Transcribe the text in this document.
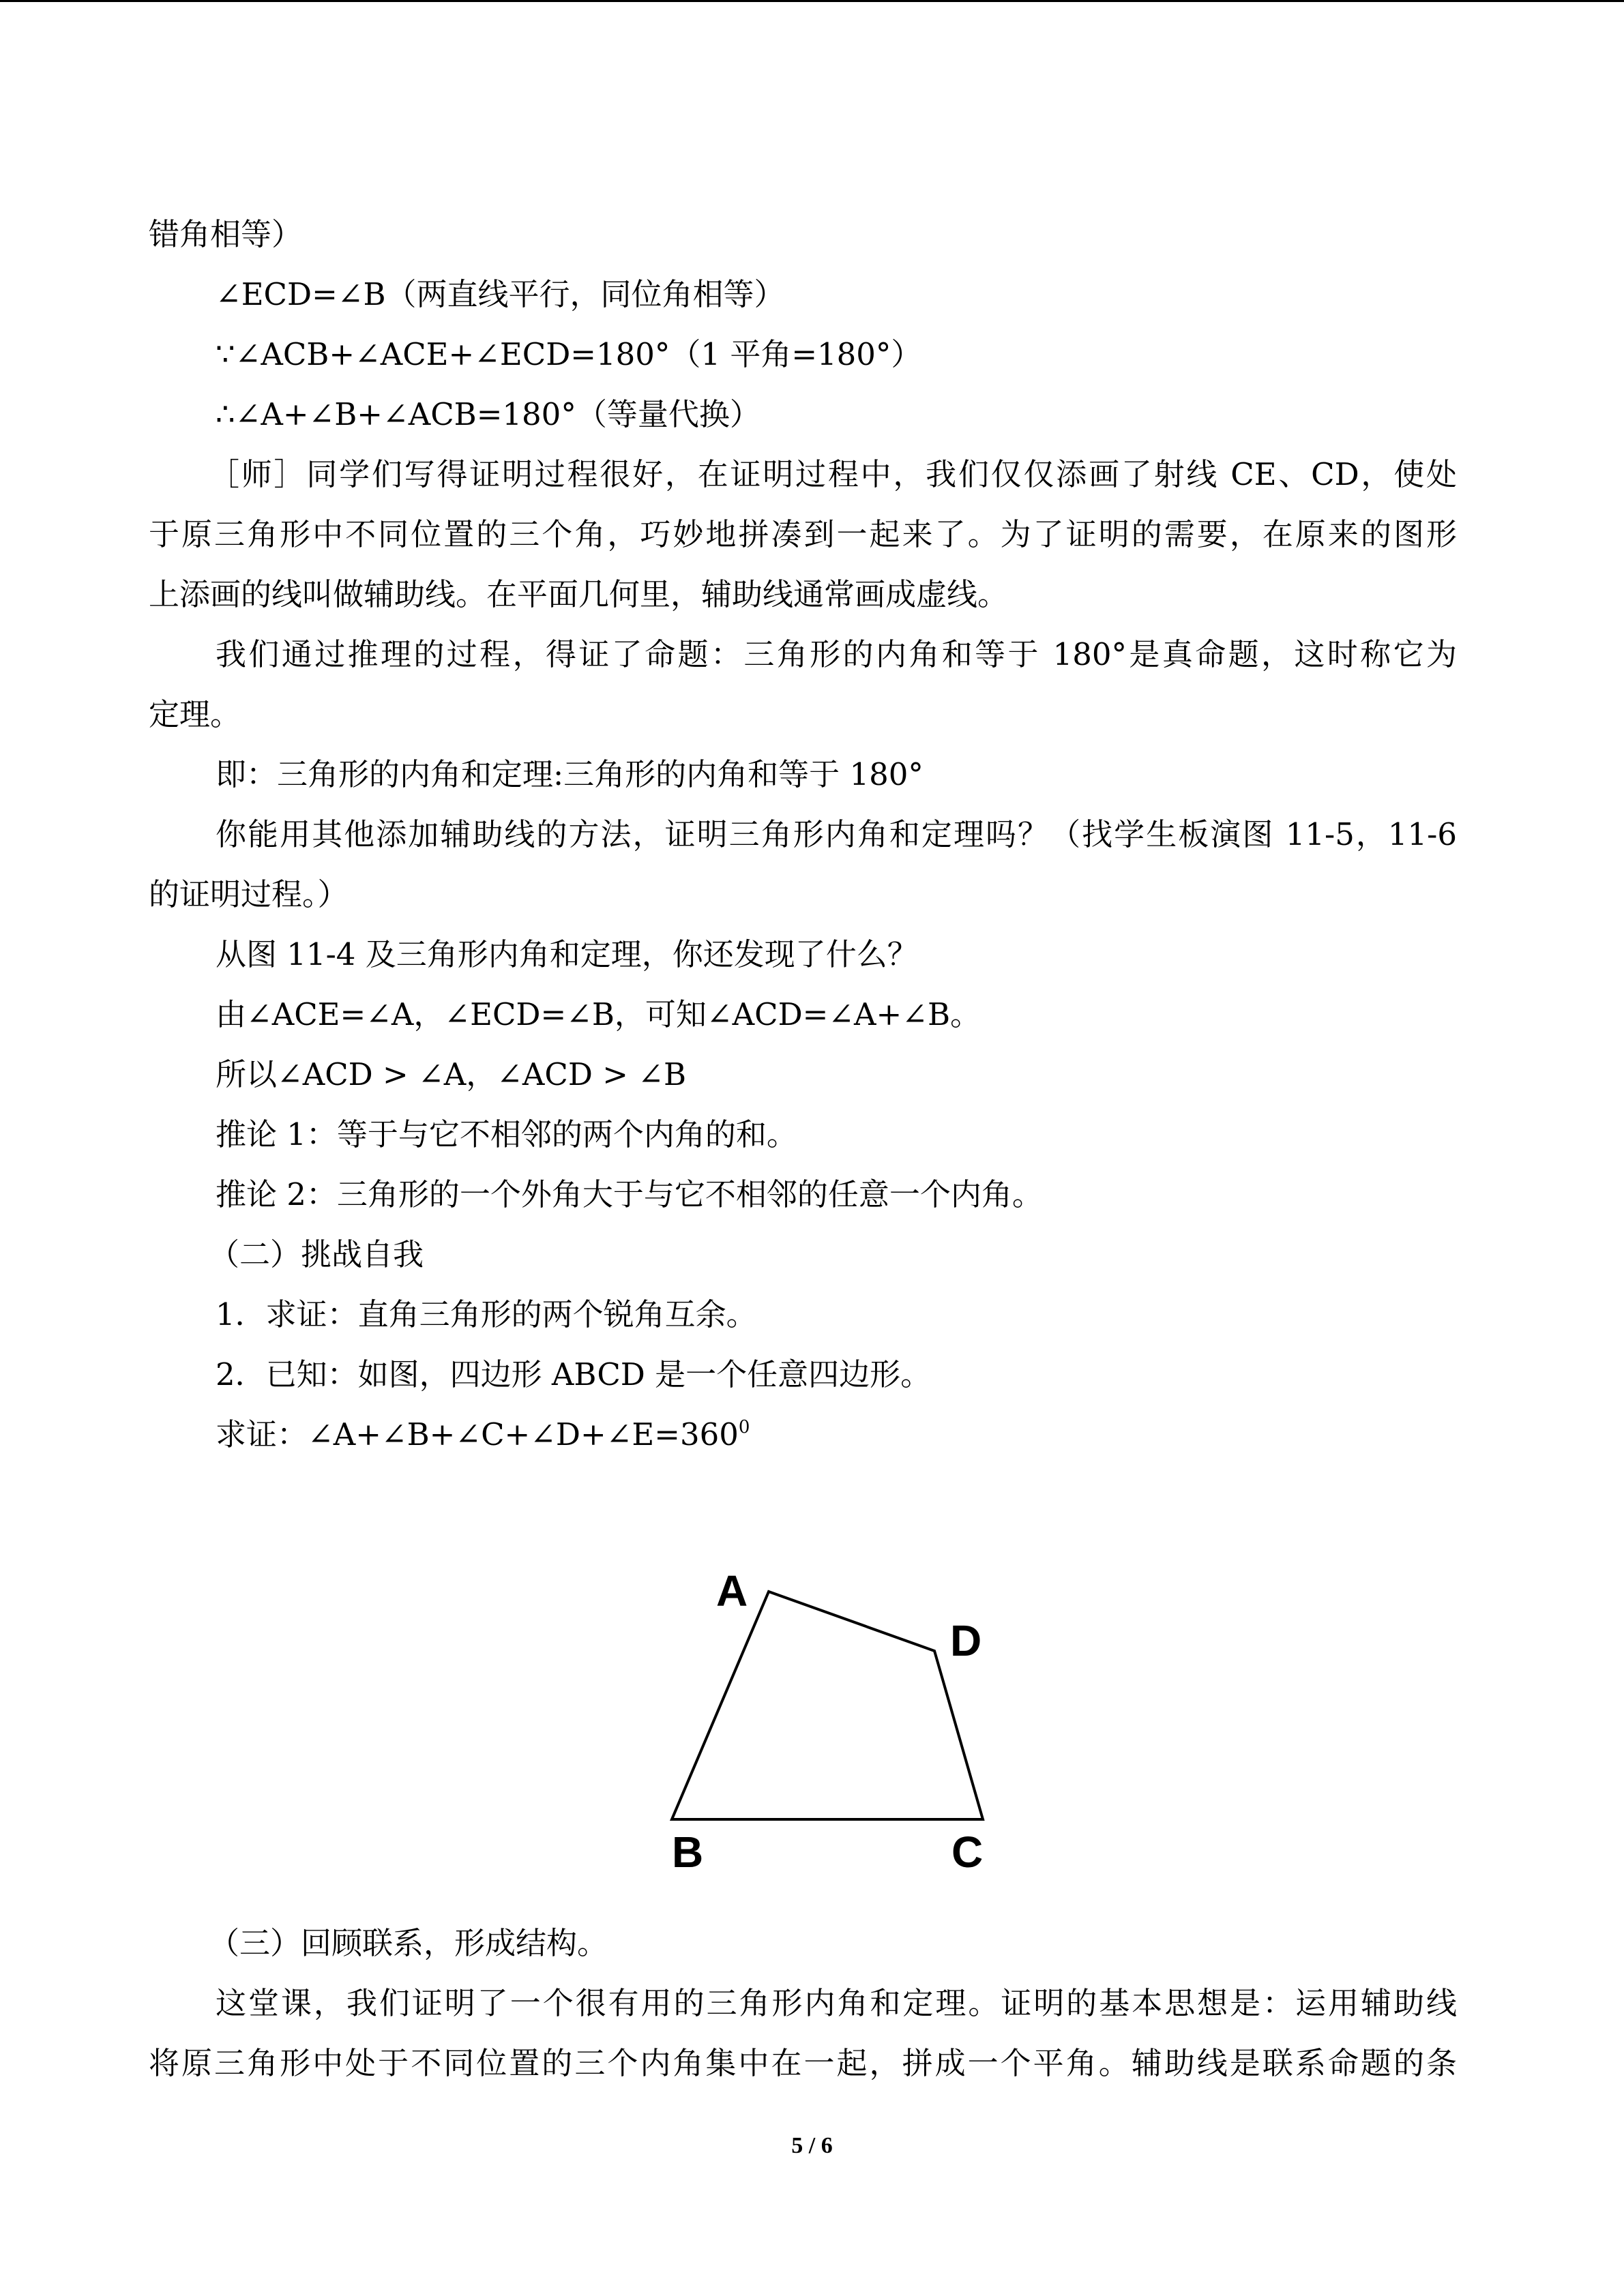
错角相等）

∠ECD=∠B（两直线平行，同位角相等）

∵∠ACB+∠ACE+∠ECD=180°（1 平角=180°）

∴∠A+∠B+∠ACB=180°（等量代换）

［师］同学们写得证明过程很好，在证明过程中，我们仅仅添画了射线 CE、CD，使处

于原三角形中不同位置的三个角，巧妙地拼凑到一起来了。为了证明的需要，在原来的图形

上添画的线叫做辅助线。在平面几何里，辅助线通常画成虚线。

我们通过推理的过程，得证了命题：三角形的内角和等于 180°是真命题，这时称它为

定理。

即：三角形的内角和定理:三角形的内角和等于 180°

你能用其他添加辅助线的方法，证明三角形内角和定理吗？（找学生板演图 11-5，11-6

的证明过程。）

从图 11-4 及三角形内角和定理，你还发现了什么？

由∠ACE=∠A，∠ECD=∠B，可知∠ACD=∠A+∠B。

所以∠ACD > ∠A，∠ACD > ∠B

推论 1：等于与它不相邻的两个内角的和。

推论 2：三角形的一个外角大于与它不相邻的任意一个内角。

（二）挑战自我

1．求证：直角三角形的两个锐角互余。

2．已知：如图，四边形 ABCD 是一个任意四边形。

求证：$\angle A+\angle B+\angle C+\angle D+\angle E=360^0$

A
D
B	C

（三）回顾联系，形成结构。

这堂课，我们证明了一个很有用的三角形内角和定理。证明的基本思想是：运用辅助线

将原三角形中处于不同位置的三个内角集中在一起，拼成一个平角。辅助线是联系命题的条

5 / 6
